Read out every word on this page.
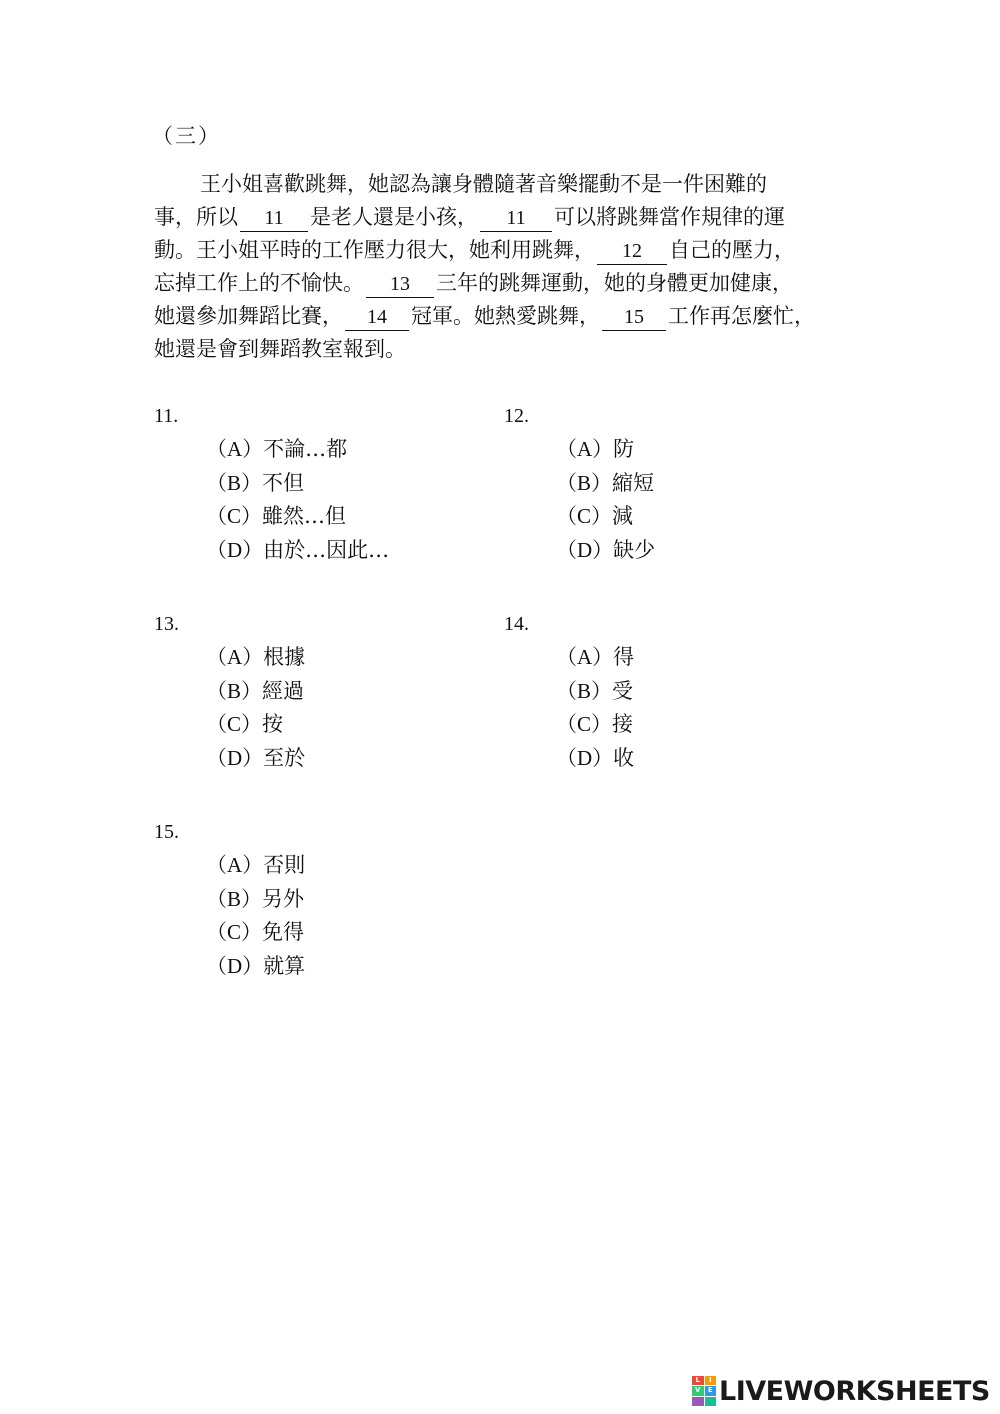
（三）
王小姐喜歡跳舞，她認為讓身體隨著音樂擺動不是一件困難的
事，所以 11 是老人還是小孩， 11 可以將跳舞當作規律的運
動。王小姐平時的工作壓力很大，她利用跳舞， 12 自己的壓力，
忘掉工作上的不愉快。 13 三年的跳舞運動，她的身體更加健康，
她還參加舞蹈比賽， 14 冠軍。她熱愛跳舞， 15 工作再怎麼忙，
她還是會到舞蹈教室報到。
11.
（A）不論…都
（B）不但
（C）雖然…但
（D）由於…因此…
12.
（A）防
（B）縮短
（C）減
（D）缺少
13.
（A）根據
（B）經過
（C）按
（D）至於
14.
（A）得
（B）受
（C）接
（D）收
15.
（A）否則
（B）另外
（C）免得
（D）就算
L	I
V	E LIVEWORKSHEETS
